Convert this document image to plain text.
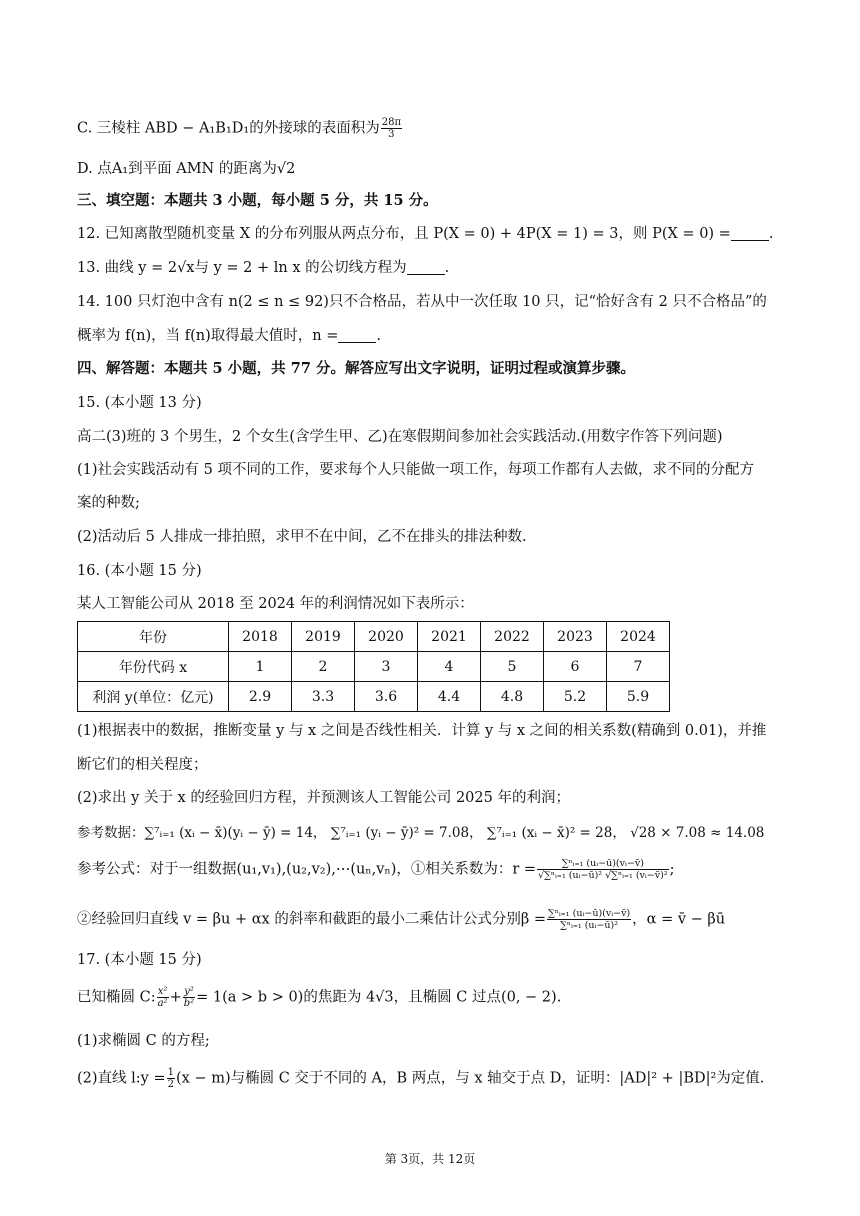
C. 三棱柱 ABD − A₁B₁D₁的外接球的表面积为 $\frac{28\pi}{3}$
D. 点A₁到平面 AMN 的距离为√2
三、填空题：本题共 3 小题，每小题 5 分，共 15 分。
12. 已知离散型随机变量 X 的分布列服从两点分布，且 P(X = 0) + 4P(X = 1) = 3，则 P(X = 0) =	.
13. 曲线 y = 2√x与 y = 2 + ln x 的公切线方程为	.
14. 100 只灯泡中含有 n(2 ≤ n ≤ 92)只不合格品，若从中一次任取 10 只，记“恰好含有 2 只不合格品”的
概率为 f(n)，当 f(n)取得最大值时，n =	.
四、解答题：本题共 5 小题，共 77 分。解答应写出文字说明，证明过程或演算步骤。
15. (本小题 13 分)
高二(3)班的 3 个男生，2 个女生(含学生甲、乙)在寒假期间参加社会实践活动.(用数字作答下列问题)
(1)社会实践活动有 5 项不同的工作，要求每个人只能做一项工作，每项工作都有人去做，求不同的分配方
案的种数;
(2)活动后 5 人排成一排拍照，求甲不在中间，乙不在排头的排法种数.
16. (本小题 15 分)
某人工智能公司从 2018 至 2024 年的利润情况如下表所示：
年份	2018	2019	2020	2021	2022	2023	2024
年份代码 x	1	2	3	4	5	6	7
利润 y(单位：亿元)	2.9	3.3	3.6	4.4	4.8	5.2	5.9
(1)根据表中的数据，推断变量 y 与 x 之间是否线性相关．计算 y 与 x 之间的相关系数(精确到 0.01)，并推
断它们的相关程度；
(2)求出 y 关于 x 的经验回归方程，并预测该人工智能公司 2025 年的利润；
参考数据：∑⁷ᵢ₌₁ (xᵢ − x̄)(yᵢ − ȳ) = 14， ∑⁷ᵢ₌₁ (yᵢ − ȳ)² = 7.08， ∑⁷ᵢ₌₁ (xᵢ − x̄)² = 28， √28 × 7.08 ≈ 14.08
参考公式：对于一组数据(u₁,v₁),(u₂,v₂),⋯(uₙ,vₙ)，①相关系数为：$r = \frac{\text{∑ⁿᵢ₌₁ (uᵢ−ū)(vᵢ−v̄)}}{\text{√∑ⁿᵢ₌₁ (uᵢ−ū)² √∑ⁿᵢ₌₁ (vᵢ−v̄)²}}$ ;
②经验回归直线 v = βu + αx 的斜率和截距的最小二乘估计公式分别$\beta = \frac{\text{∑ⁿᵢ₌₁ (uᵢ−ū)(vᵢ−v̄)}}{\text{∑ⁿᵢ₌₁ (uᵢ−ū)²}}$ ，α = v̄ − βū
17. (本小题 15 分)
已知椭圆 C: $\frac{\text{x²}}{\text{a²}} + \frac{\text{y²}}{\text{b²}} = 1(a > b > 0)$的焦距为 4√3，且椭圆 C 过点(0, − 2).
(1)求椭圆 C 的方程;
(2)直线 l:y = $\frac{1}{2} (x - m)$与椭圆 C 交于不同的 A，B 两点，与 x 轴交于点 D，证明：|AD|² + |BD|²为定值.
第 3页，共 12页
